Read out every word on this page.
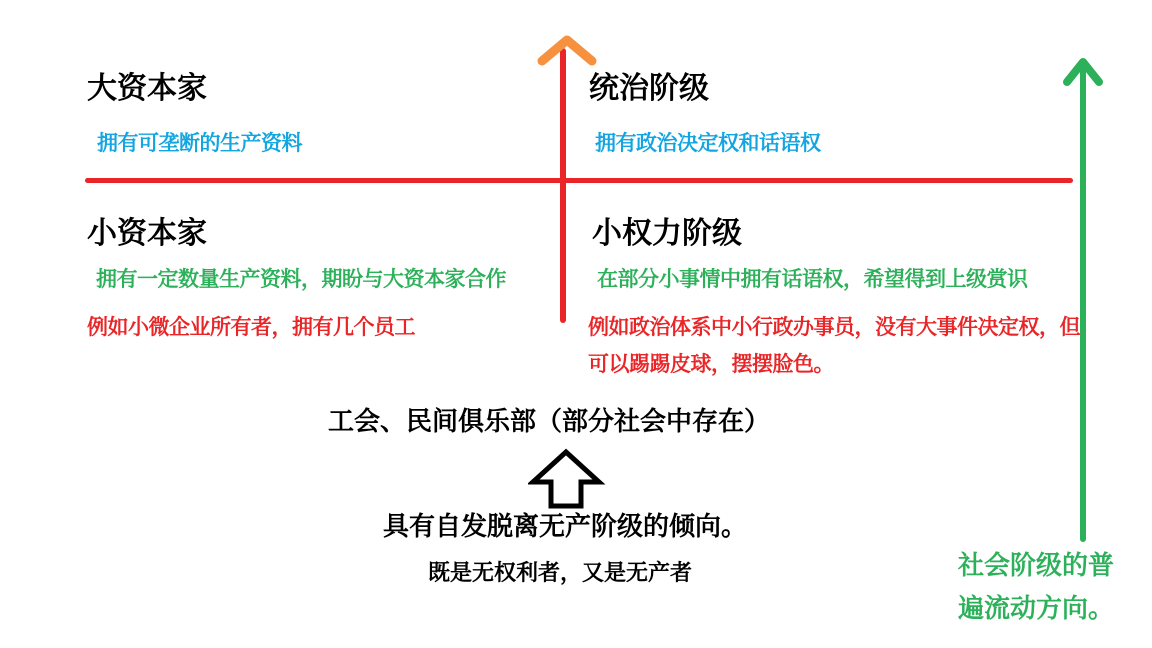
大资本家
拥有可垄断的生产资料
统治阶级
拥有政治决定权和话语权
小资本家
拥有一定数量生产资料，期盼与大资本家合作
例如小微企业所有者，拥有几个员工
小权力阶级
在部分小事情中拥有话语权，希望得到上级赏识
例如政治体系中小行政办事员，没有大事件决定权，但
可以踢踢皮球，摆摆脸色。
工会、民间俱乐部（部分社会中存在）
具有自发脱离无产阶级的倾向。
既是无权利者，又是无产者	社会阶级的普
遍流动方向。
